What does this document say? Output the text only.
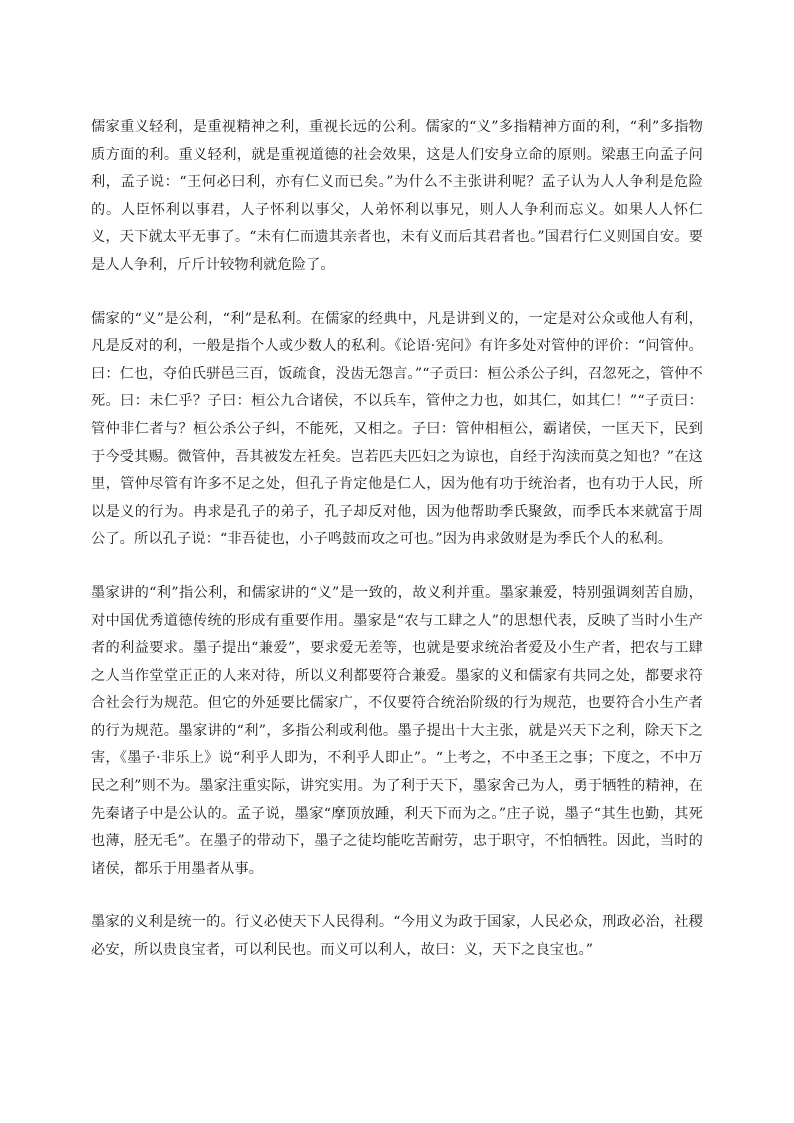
儒家重义轻利，是重视精神之利，重视长远的公利。儒家的“义”多指精神方面的利，“利”多指物质方面的利。重义轻利，就是重视道德的社会效果，这是人们安身立命的原则。梁惠王向孟子问利，孟子说：“王何必曰利，亦有仁义而已矣。”为什么不主张讲利呢？孟子认为人人争利是危险的。人臣怀利以事君，人子怀利以事父，人弟怀利以事兄，则人人争利而忘义。如果人人怀仁义，天下就太平无事了。“未有仁而遗其亲者也，未有义而后其君者也。”国君行仁义则国自安。要是人人争利，斤斤计较物利就危险了。

儒家的“义”是公利，“利”是私利。在儒家的经典中，凡是讲到义的，一定是对公众或他人有利，凡是反对的利，一般是指个人或少数人的私利。《论语·宪问》有许多处对管仲的评价：“问管仲。曰：仁也，夺伯氏骈邑三百，饭疏食，没齿无怨言。”“子贡曰：桓公杀公子纠，召忽死之，管仲不死。曰：未仁乎？子曰：桓公九合诸侯，不以兵车，管仲之力也，如其仁，如其仁！”“子贡曰：管仲非仁者与？桓公杀公子纠，不能死，又相之。子曰：管仲相桓公，霸诸侯，一匡天下，民到于今受其赐。微管仲，吾其被发左衽矣。岂若匹夫匹妇之为谅也，自经于沟渎而莫之知也？”在这里，管仲尽管有许多不足之处，但孔子肯定他是仁人，因为他有功于统治者，也有功于人民，所以是义的行为。冉求是孔子的弟子，孔子却反对他，因为他帮助季氏聚敛，而季氏本来就富于周公了。所以孔子说：“非吾徒也，小子鸣鼓而攻之可也。”因为冉求敛财是为季氏个人的私利。

墨家讲的“利”指公利，和儒家讲的“义”是一致的，故义利并重。墨家兼爱，特别强调刻苦自励，对中国优秀道德传统的形成有重要作用。墨家是“农与工肆之人”的思想代表，反映了当时小生产者的利益要求。墨子提出“兼爱”，要求爱无差等，也就是要求统治者爱及小生产者，把农与工肆之人当作堂堂正正的人来对待，所以义利都要符合兼爱。墨家的义和儒家有共同之处，都要求符合社会行为规范。但它的外延要比儒家广，不仅要符合统治阶级的行为规范，也要符合小生产者的行为规范。墨家讲的“利”，多指公利或利他。墨子提出十大主张，就是兴天下之利，除天下之害，《墨子·非乐上》说“利乎人即为，不利乎人即止”。“上考之，不中圣王之事；下度之，不中万民之利”则不为。墨家注重实际，讲究实用。为了利于天下，墨家舍己为人，勇于牺牲的精神，在先秦诸子中是公认的。孟子说，墨家“摩顶放踵，利天下而为之。”庄子说，墨子“其生也勤，其死也薄，胫无毛”。在墨子的带动下，墨子之徒均能吃苦耐劳，忠于职守，不怕牺牲。因此，当时的诸侯，都乐于用墨者从事。

墨家的义利是统一的。行义必使天下人民得利。“今用义为政于国家，人民必众，刑政必治，社稷必安，所以贵良宝者，可以利民也。而义可以利人，故曰：义，天下之良宝也。”
